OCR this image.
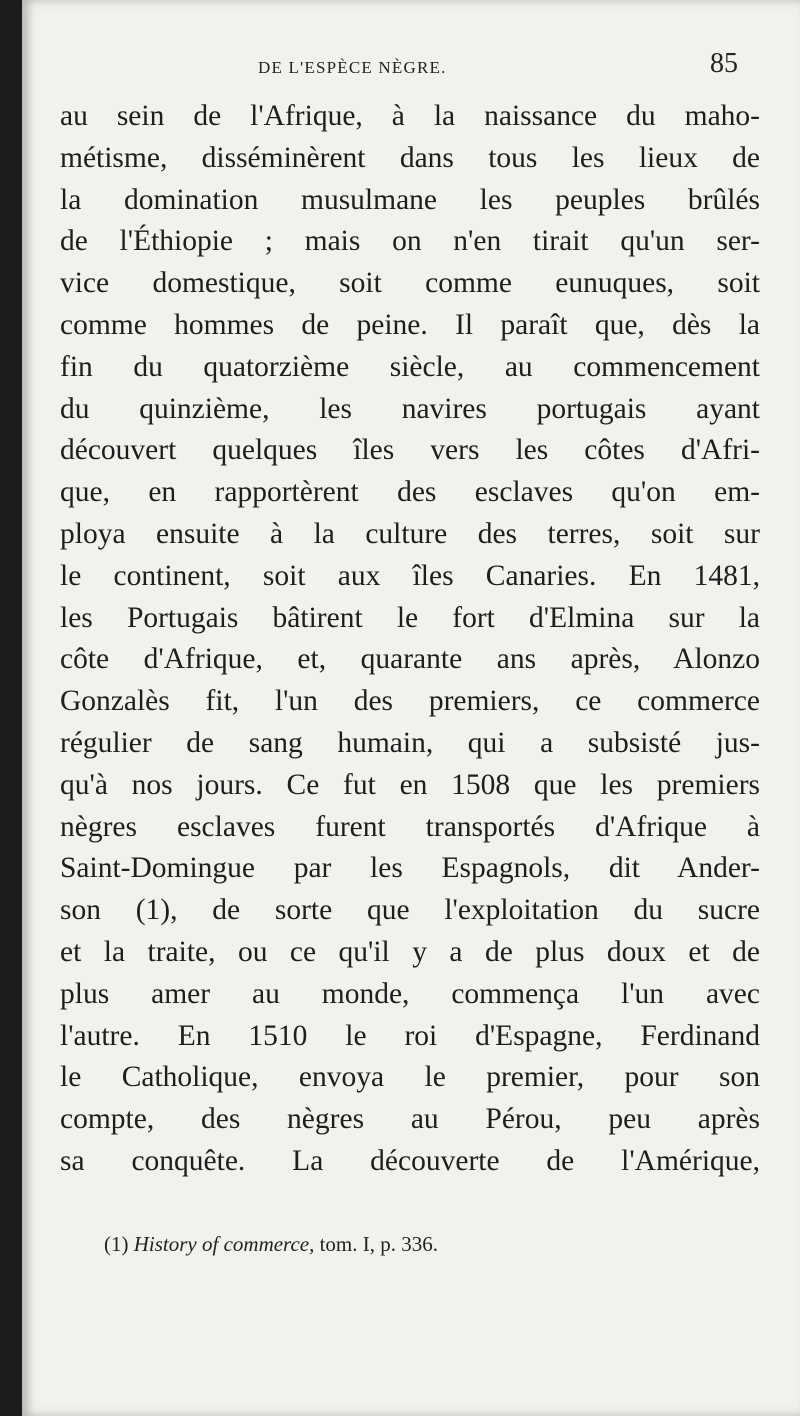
DE L'ESPÈCE NÈGRE.	85
au sein de l'Afrique, à la naissance du maho-
métisme, disséminèrent dans tous les lieux de
la domination musulmane les peuples brûlés
de l'Éthiopie ; mais on n'en tirait qu'un ser-
vice domestique, soit comme eunuques, soit
comme hommes de peine. Il paraît que, dès la
fin du quatorzième siècle, au commencement
du quinzième, les navires portugais ayant
découvert quelques îles vers les côtes d'Afri-
que, en rapportèrent des esclaves qu'on em-
ploya ensuite à la culture des terres, soit sur
le continent, soit aux îles Canaries. En 1481,
les Portugais bâtirent le fort d'Elmina sur la
côte d'Afrique, et, quarante ans après, Alonzo
Gonzalès fit, l'un des premiers, ce commerce
régulier de sang humain, qui a subsisté jus-
qu'à nos jours. Ce fut en 1508 que les premiers
nègres esclaves furent transportés d'Afrique à
Saint-Domingue par les Espagnols, dit Ander-
son (1), de sorte que l'exploitation du sucre
et la traite, ou ce qu'il y a de plus doux et de
plus amer au monde, commença l'un avec
l'autre. En 1510 le roi d'Espagne, Ferdinand
le Catholique, envoya le premier, pour son
compte, des nègres au Pérou, peu après
sa conquête. La découverte de l'Amérique,
(1) History of commerce, tom. I, p. 336.
